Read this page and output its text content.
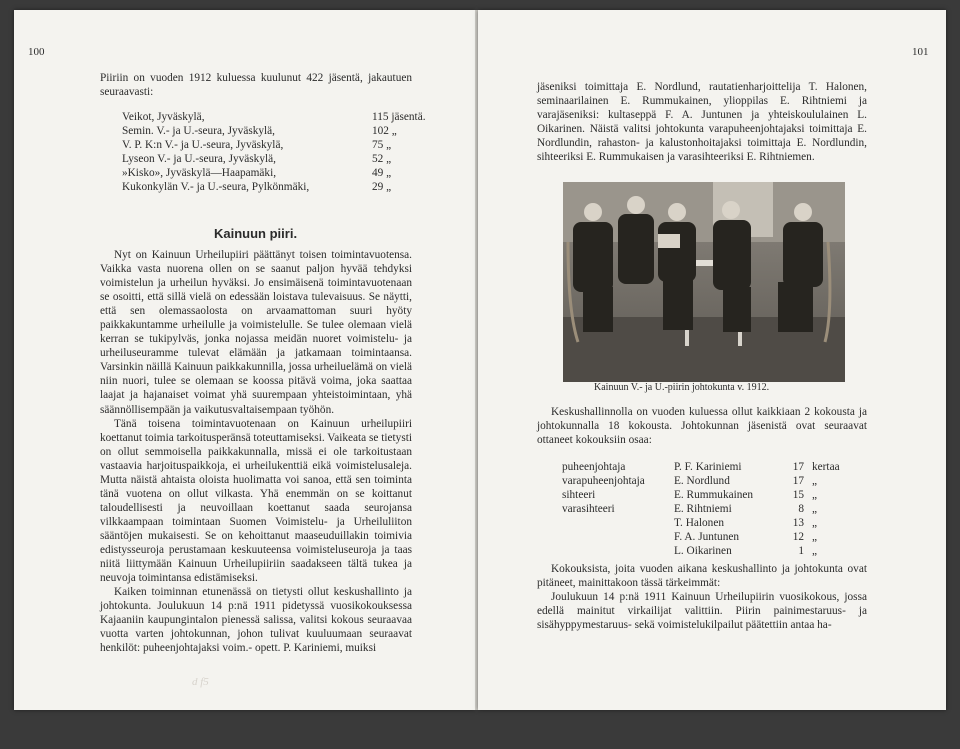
100

Piiriin on vuoden 1912 kuluessa kuulunut 422 jäsentä, jakautuen seuraavasti:

Veikot, Jyväskylä,	115 jäsentä.
Semin. V.- ja U.-seura, Jyväskylä,	102 „
V. P. K:n V.- ja U.-seura, Jyväskylä,	75 „
Lyseon V.- ja U.-seura, Jyväskylä,	52 „
»Kisko», Jyväskylä—Haapamäki,	49 „
Kukonkylän V.- ja U.-seura, Pylkönmäki,	29 „
Kainuun piiri.

Nyt on Kainuun Urheilupiiri päättänyt toisen toimintavuotensa. Vaikka vasta nuorena ollen on se saanut paljon hyvää tehdyksi voimistelun ja urheilun hyväksi. Jo ensimäisenä toimintavuotenaan se osoitti, että sillä vielä on edessään loistava tulevaisuus. Se näytti, että sen olemassaolosta on arvaamattoman suuri hyöty paikkakuntamme urheilulle ja voimistelulle. Se tulee olemaan vielä kerran se tukipylväs, jonka nojassa meidän nuoret voimistelu- ja urheiluseuramme tulevat elämään ja jatkamaan toimintaansa. Varsinkin näillä Kainuun paikkakunnilla, jossa urheiluelämä on vielä niin nuori, tulee se olemaan se koossa pitävä voima, joka saattaa laajat ja hajanaiset voimat yhä suurempaan yhteistoimintaan, yhä säännöllisempään ja vaikutusvaltaisempaan työhön.

Tänä toisena toimintavuotenaan on Kainuun urheilupiiri koettanut toimia tarkoitusperänsä toteuttamiseksi. Vaikeata se tietysti on ollut semmoisella paikkakunnalla, missä ei ole tarkoitustaan vastaavia harjoituspaikkoja, ei urheilukenttiä eikä voimistelusaleja. Mutta näistä ahtaista oloista huolimatta voi sanoa, että sen toiminta tänä vuotena on ollut vilkasta. Yhä enemmän on se koittanut taloudellisesti ja neuvoillaan koettanut saada seurojansa vilkkaampaan toimintaan Suomen Voimistelu- ja Urheiluliiton sääntöjen mukaisesti. Se on kehoittanut maaseuduillakin toimivia edistysseuroja perustamaan keskuuteensa voimisteluseuroja ja taas niitä liittymään Kainuun Urheilupiiriin saadakseen tältä tukea ja neuvoja toimintansa edistämiseksi.

Kaiken toiminnan etunenässä on tietysti ollut keskushallinto ja johtokunta. Joulukuun 14 p:nä 1911 pidetyssä vuosikokouksessa Kajaaniin kaupungintalon pienessä salissa, valitsi kokous seuraavaa vuotta varten johtokunnan, johon tulivat kuuluumaan seuraavat henkilöt: puheenjohtajaksi voim.- opett. P. Kariniemi, muiksi

d f5
101

jäseniksi toimittaja E. Nordlund, rautatienharjoittelija T. Halonen, seminaarilainen E. Rummukainen, ylioppilas E. Rihtniemi ja varajäseniksi: kultaseppä F. A. Juntunen ja yhteiskoululainen L. Oikarinen. Näistä valitsi johtokunta varapuheenjohtajaksi toimittaja E. Nordlundin, rahaston- ja kalustonhoitajaksi toimittaja E. Nordlundin, sihteeriksi E. Rummukaisen ja varasihteeriksi E. Rihtniemen.

Keskushallinnolla on vuoden kuluessa ollut kaikkiaan 2 kokousta ja johtokunnalla 18 kokousta. Johtokunnan jäsenistä ovat seuraavat ottaneet kokouksiin osaa:

puheenjohtaja	P. F. Kariniemi	17	kertaa
varapuheenjohtaja	E. Nordlund	17	„
sihteeri	E. Rummukainen	15	„
varasihteeri	E. Rihtniemi	8	„
	T. Halonen	13	„
	F. A. Juntunen	12	„
	L. Oikarinen	1	„

Kokouksista, joita vuoden aikana keskushallinto ja johtokunta ovat pitäneet, mainittakoon tässä tärkeimmät:

Joulukuun 14 p:nä 1911 Kainuun Urheilupiirin vuosikokous, jossa edellä mainitut virkailijat valittiin. Piirin painimestaruus- ja sisähyppymestaruus- sekä voimistelukilpailut päätettiin antaa ha-

Kainuun V.- ja U.-piirin johtokunta v. 1912.
